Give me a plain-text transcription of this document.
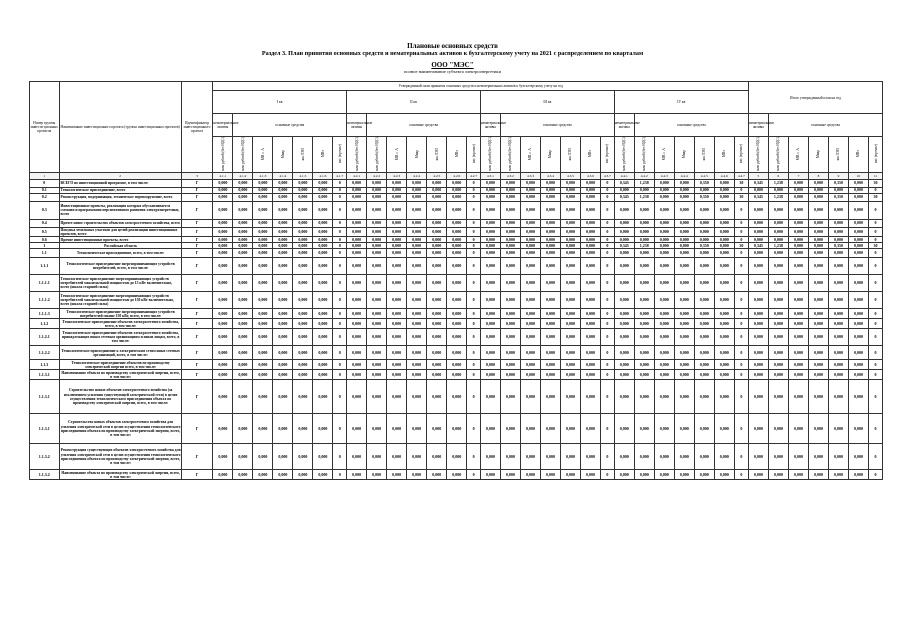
Плановые основных средств
Раздел 3. План принятия основных средств и нематериальных активов к бухгалтерскому учету на 2021 с распределением по кварталам
ООО "МЭС"
полное наименование субъекта электроэнергетики
Номер группы инвести-ционных проектов	Наименование инвестиционного проекта (группы инвестиционных проектов)	Идентификатор инвестиционного проекта	Утвержденный план принятия основных средств и нематериальных активов к бухгалтерскому учету на год																												Итого утвержденный план на год						
			I кв							II кв							III кв							IV кв													
			нематериальные активы	основные средства						нематериальные активы	основные средства						нематериальные активы	основные средства						нематериальные активы	основные средства						нематериальные активы	основные средства					
			млн рублей (без НДС)	млн рублей (без НДС)	МВ×А	Мвар	км ЛЭП	МВт	шт. (прочие)	млн рублей (без НДС)	млн рублей (без НДС)	МВ×А	Мвар	км ЛЭП	МВт	шт. (прочие)	млн рублей (без НДС)	млн рублей (без НДС)	МВ×А	Мвар	км ЛЭП	МВт	шт. (прочие)	млн рублей (без НДС)	млн рублей (без НДС)	МВ×А	Мвар	км ЛЭП	МВт	шт. (прочие)	млн рублей (без НДС)	млн рублей (без НДС)	МВ×А	Мвар	км ЛЭП	МВт	шт. (прочие)
1	2	3	4.1.1	4.1.2	4.1.3	4.1.4	4.1.5	4.1.6	4.1.7	4.2.1	4.2.2	4.2.3	4.2.4	4.2.5	4.2.6	4.2.7	4.3.1	4.3.2	4.3.3	4.3.4	4.3.5	4.3.6	4.3.7	4.4.1	4.4.2	4.4.3	4.4.4	4.4.5	4.4.6	4.4.7	5	6	7	8	9	10	11
0	ВСЕГО по инвестиционной программе, в том числе:	Г	0,000	0,000	0,000	0,000	0,000	0,000	0	0,000	0,000	0,000	0,000	0,000	0,000	0	0,000	0,000	0,000	0,000	0,000	0,000	0	0,345	1,238	0,000	0,000	0,350	0,000	30	0,345	1,238	0,000	0,000	0,350	0,000	30
0.1	Технологическое присоединение, всего	Г	0,000	0,000	0,000	0,000	0,000	0,000	0	0,000	0,000	0,000	0,000	0,000	0,000	0	0,000	0,000	0,000	0,000	0,000	0,000	0	0,000	0,000	0,000	0,000	0,000	0,000	0	0,000	0,000	0,000	0,000	0,000	0,000	0
0.2	Реконструкция, модернизация, техническое перевооружение, всего	Г	0,000	0,000	0,000	0,000	0,000	0,000	0	0,000	0,000	0,000	0,000	0,000	0,000	0	0,000	0,000	0,000	0,000	0,000	0,000	0	0,345	1,238	0,000	0,000	0,350	0,000	30	0,345	1,238	0,000	0,000	0,350	0,000	30
0.3	Инвестиционные проекты, реализация которых обуславливается схемами и программами перспективного развития электроэнергетики, всего	Г	0,000	0,000	0,000	0,000	0,000	0,000	0	0,000	0,000	0,000	0,000	0,000	0,000	0	0,000	0,000	0,000	0,000	0,000	0,000	0	0,000	0,000	0,000	0,000	0,000	0,000	0	0,000	0,000	0,000	0,000	0,000	0,000	0
0.4	Прочее новое строительство объектов электросетевого хозяйства, всего	Г	0,000	0,000	0,000	0,000	0,000	0,000	0	0,000	0,000	0,000	0,000	0,000	0,000	0	0,000	0,000	0,000	0,000	0,000	0,000	0	0,000	0,000	0,000	0,000	0,000	0,000	0	0,000	0,000	0,000	0,000	0,000	0,000	0
0.5	Покупка земельных участков для целей реализации инвестиционных проектов, всего	Г	0,000	0,000	0,000	0,000	0,000	0,000	0	0,000	0,000	0,000	0,000	0,000	0,000	0	0,000	0,000	0,000	0,000	0,000	0,000	0	0,000	0,000	0,000	0,000	0,000	0,000	0	0,000	0,000	0,000	0,000	0,000	0,000	0
0.6	Прочие инвестиционные проекты, всего	Г	0,000	0,000	0,000	0,000	0,000	0,000	0	0,000	0,000	0,000	0,000	0,000	0,000	0	0,000	0,000	0,000	0,000	0,000	0,000	0	0,000	0,000	0,000	0,000	0,000	0,000	0	0,000	0,000	0,000	0,000	0,000	0,000	0
1	Российская область	Г	0,000	0,000	0,000	0,000	0,000	0,000	0	0,000	0,000	0,000	0,000	0,000	0,000	0	0,000	0,000	0,000	0,000	0,000	0,000	0	0,345	1,238	0,000	0,000	0,350	0,000	30	0,345	1,238	0,000	0,000	0,350	0,000	30
1.1	Технологическое присоединение, всего, в том числе:	Г	0,000	0,000	0,000	0,000	0,000	0,000	0	0,000	0,000	0,000	0,000	0,000	0,000	0	0,000	0,000	0,000	0,000	0,000	0,000	0	0,000	0,000	0,000	0,000	0,000	0,000	0	0,000	0,000	0,000	0,000	0,000	0,000	0
1.1.1	Технологическое присоединение энергопринимающих устройств потребителей, всего, в том числе:	Г	0,000	0,000	0,000	0,000	0,000	0,000	0	0,000	0,000	0,000	0,000	0,000	0,000	0	0,000	0,000	0,000	0,000	0,000	0,000	0	0,000	0,000	0,000	0,000	0,000	0,000	0	0,000	0,000	0,000	0,000	0,000	0,000	0
1.1.1.1	Технологическое присоединение энергопринимающих устройств потребителей максимальной мощностью до 15 кВт включительно, всего (школа старшей силы)	Г	0,000	0,000	0,000	0,000	0,000	0,000	0	0,000	0,000	0,000	0,000	0,000	0,000	0	0,000	0,000	0,000	0,000	0,000	0,000	0	0,000	0,000	0,000	0,000	0,000	0,000	0	0,000	0,000	0,000	0,000	0,000	0,000	0
1.1.1.2	Технологическое присоединение энергопринимающих устройств потребителей максимальной мощностью до 150 кВт включительно, всего (школа старшей силы)	Г	0,000	0,000	0,000	0,000	0,000	0,000	0	0,000	0,000	0,000	0,000	0,000	0,000	0	0,000	0,000	0,000	0,000	0,000	0,000	0	0,000	0,000	0,000	0,000	0,000	0,000	0	0,000	0,000	0,000	0,000	0,000	0,000	0
1.1.1.3	Технологическое присоединение энергопринимающих устройств потребителей свыше 150 кВт, всего, в том числе:	Г	0,000	0,000	0,000	0,000	0,000	0,000	0	0,000	0,000	0,000	0,000	0,000	0,000	0	0,000	0,000	0,000	0,000	0,000	0,000	0	0,000	0,000	0,000	0,000	0,000	0,000	0	0,000	0,000	0,000	0,000	0,000	0,000	0
1.1.2	Технологическое присоединение объектов электросетевого хозяйства, всего, в том числе:	Г	0,000	0,000	0,000	0,000	0,000	0,000	0	0,000	0,000	0,000	0,000	0,000	0,000	0	0,000	0,000	0,000	0,000	0,000	0,000	0	0,000	0,000	0,000	0,000	0,000	0,000	0	0,000	0,000	0,000	0,000	0,000	0,000	0
1.1.2.1	Технологическое присоединение объектов электросетевого хозяйства, принадлежащих иным сетевым организациям и иным лицам, всего, в том числе:	Г	0,000	0,000	0,000	0,000	0,000	0,000	0	0,000	0,000	0,000	0,000	0,000	0,000	0	0,000	0,000	0,000	0,000	0,000	0,000	0	0,000	0,000	0,000	0,000	0,000	0,000	0	0,000	0,000	0,000	0,000	0,000	0,000	0
1.1.2.2	Технологическое присоединение к электрическим сетям иных сетевых организаций, всего, в том числе:	Г	0,000	0,000	0,000	0,000	0,000	0,000	0	0,000	0,000	0,000	0,000	0,000	0,000	0	0,000	0,000	0,000	0,000	0,000	0,000	0	0,000	0,000	0,000	0,000	0,000	0,000	0	0,000	0,000	0,000	0,000	0,000	0,000	0
1.1.3	Технологическое присоединение объектов по производству электрической энергии всего, в том числе:	Г	0,000	0,000	0,000	0,000	0,000	0,000	0	0,000	0,000	0,000	0,000	0,000	0,000	0	0,000	0,000	0,000	0,000	0,000	0,000	0	0,000	0,000	0,000	0,000	0,000	0,000	0	0,000	0,000	0,000	0,000	0,000	0,000	0
1.1.3.1	Наименование объекта по производству электрической энергии, всего, в том числе:	Г	0,000	0,000	0,000	0,000	0,000	0,000	0	0,000	0,000	0,000	0,000	0,000	0,000	0	0,000	0,000	0,000	0,000	0,000	0,000	0	0,000	0,000	0,000	0,000	0,000	0,000	0	0,000	0,000	0,000	0,000	0,000	0,000	0
1.1.3.1	Строительство новых объектов электросетевого хозяйства (за исключением усиления существующей электрической сети) в целях осуществления технологического присоединения объекта по производству электрической энергии, всего, в том числе:	Г	0,000	0,000	0,000	0,000	0,000	0,000	0	0,000	0,000	0,000	0,000	0,000	0,000	0	0,000	0,000	0,000	0,000	0,000	0,000	0	0,000	0,000	0,000	0,000	0,000	0,000	0	0,000	0,000	0,000	0,000	0,000	0,000	0
1.1.3.1	Строительство новых объектов электросетевого хозяйства для усиления электрической сети в целях осуществления технологического присоединения объекта по производству электрической энергии, всего, в том числе:	Г	0,000	0,000	0,000	0,000	0,000	0,000	0	0,000	0,000	0,000	0,000	0,000	0,000	0	0,000	0,000	0,000	0,000	0,000	0,000	0	0,000	0,000	0,000	0,000	0,000	0,000	0	0,000	0,000	0,000	0,000	0,000	0,000	0
1.1.3.2	Реконструкция существующих объектов электросетевого хозяйства для усиления электрической сети в целях осуществления технологического присоединения объекта по производству электрической энергии, всего, в том числе:	Г	0,000	0,000	0,000	0,000	0,000	0,000	0	0,000	0,000	0,000	0,000	0,000	0,000	0	0,000	0,000	0,000	0,000	0,000	0,000	0	0,000	0,000	0,000	0,000	0,000	0,000	0	0,000	0,000	0,000	0,000	0,000	0,000	0
1.1.3.2	Наименование объекта по производству электрической энергии, всего, в том числе:	Г	0,000	0,000	0,000	0,000	0,000	0,000	0	0,000	0,000	0,000	0,000	0,000	0,000	0	0,000	0,000	0,000	0,000	0,000	0,000	0	0,000	0,000	0,000	0,000	0,000	0,000	0	0,000	0,000	0,000	0,000	0,000	0,000	0
